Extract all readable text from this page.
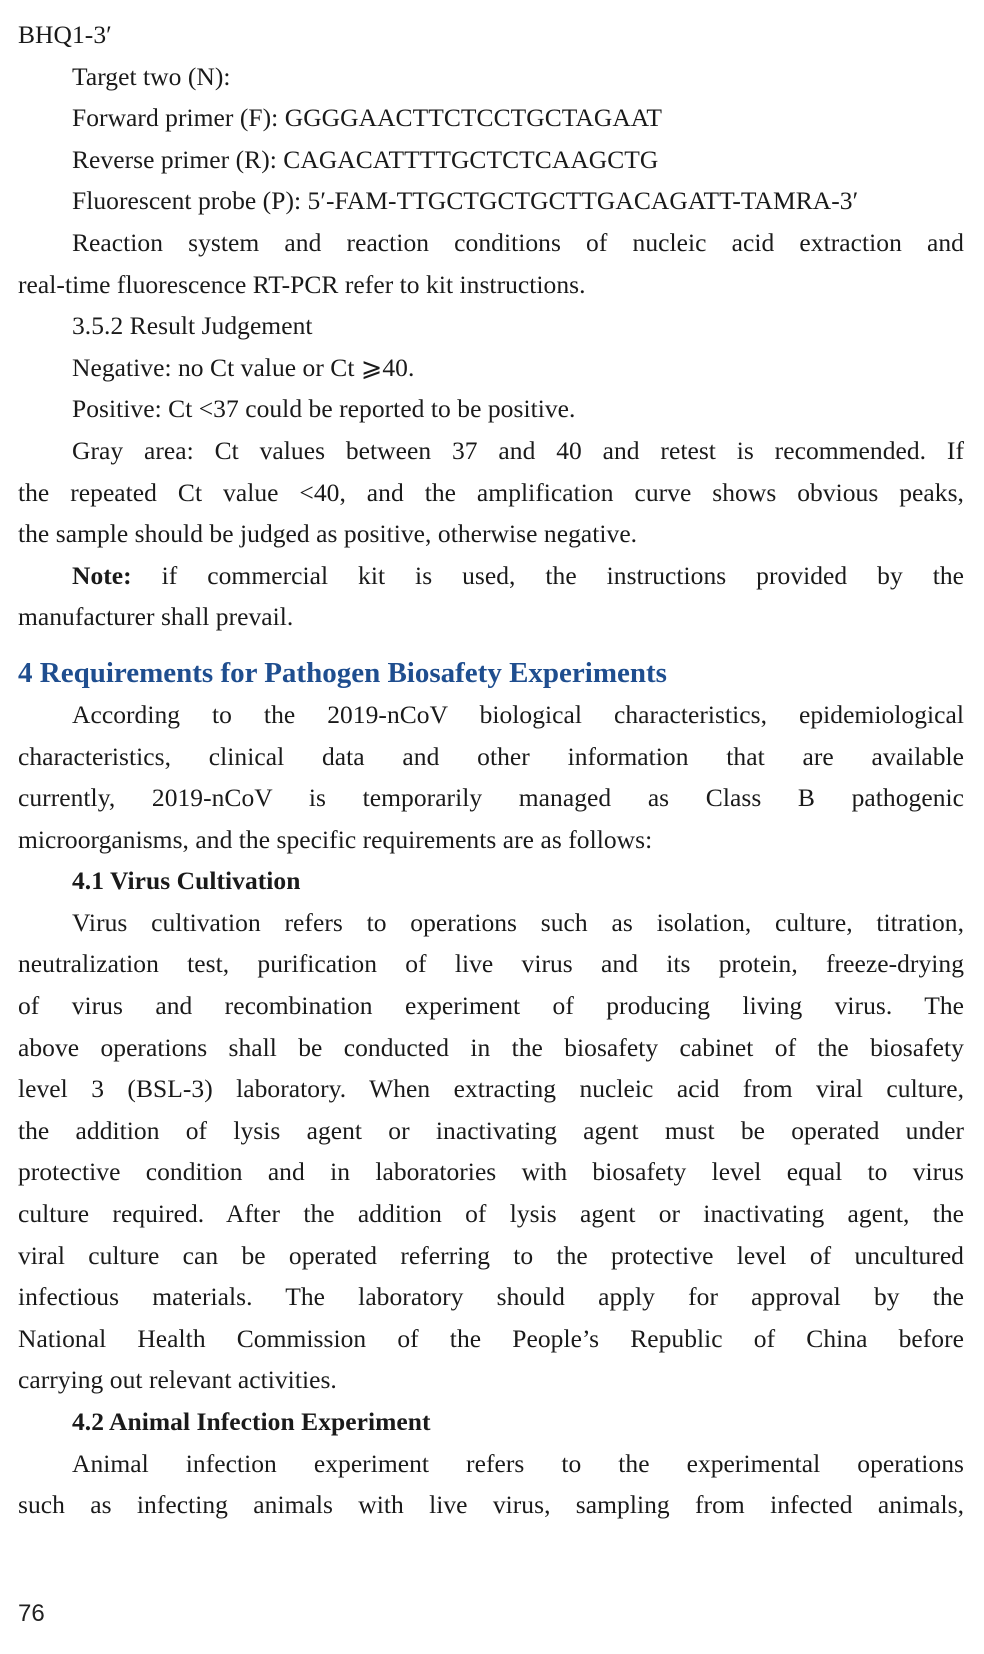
BHQ1-3′
Target two (N):
Forward primer (F): GGGGAACTTCTCCTGCTAGAAT
Reverse primer (R): CAGACATTTTGCTCTCAAGCTG
Fluorescent probe (P): 5′-FAM-TTGCTGCTGCTTGACAGATT-TAMRA-3′
Reaction system and reaction conditions of nucleic acid extraction and
real-time fluorescence RT-PCR refer to kit instructions.
3.5.2 Result Judgement
Negative: no Ct value or Ct ⩾40.
Positive: Ct <37 could be reported to be positive.
Gray area: Ct values between 37 and 40 and retest is recommended. If
the repeated Ct value <40, and the amplification curve shows obvious peaks,
the sample should be judged as positive, otherwise negative.
Note: if commercial kit is used, the instructions provided by the
manufacturer shall prevail.
4 Requirements for Pathogen Biosafety Experiments
According to the 2019-nCoV biological characteristics, epidemiological
characteristics, clinical data and other information that are available
currently, 2019-nCoV is temporarily managed as Class B pathogenic
microorganisms, and the specific requirements are as follows:
4.1 Virus Cultivation
Virus cultivation refers to operations such as isolation, culture, titration,
neutralization test, purification of live virus and its protein, freeze-drying
of virus and recombination experiment of producing living virus. The
above operations shall be conducted in the biosafety cabinet of the biosafety
level 3 (BSL-3) laboratory. When extracting nucleic acid from viral culture,
the addition of lysis agent or inactivating agent must be operated under
protective condition and in laboratories with biosafety level equal to virus
culture required. After the addition of lysis agent or inactivating agent, the
viral culture can be operated referring to the protective level of uncultured
infectious materials. The laboratory should apply for approval by the
National Health Commission of the People’s Republic of China before
carrying out relevant activities.
4.2 Animal Infection Experiment
Animal infection experiment refers to the experimental operations
such as infecting animals with live virus, sampling from infected animals,
76
